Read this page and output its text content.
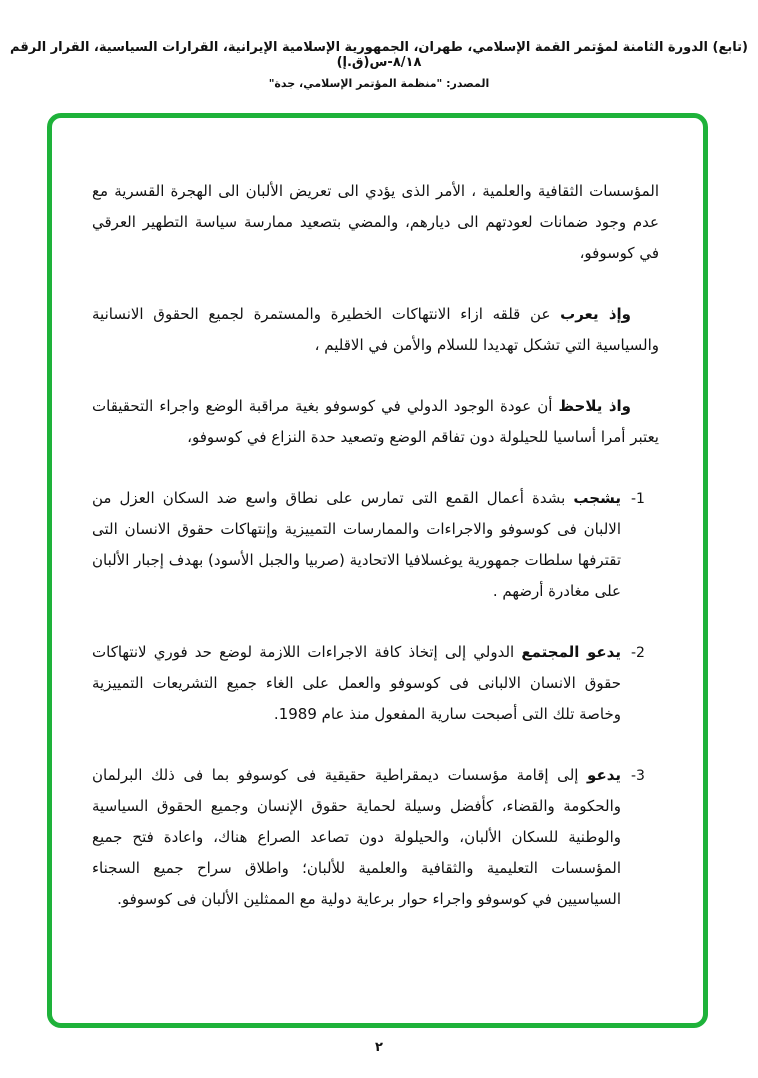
(تابع) الدورة الثامنة لمؤتمر القمة الإسلامي، طهران، الجمهورية الإسلامية الإيرانية، القرارات السياسية، القرار الرقم ٨/١٨-س(ق.إ)
المصدر: "منظمة المؤتمر الإسلامي، جدة"

المؤسسات الثقافية والعلمية ، الأمر الذى يؤدي الى تعريض الألبان الى الهجرة القسرية مع عدم وجود ضمانات لعودتهم الى ديارهم، والمضي بتصعيد ممارسة سياسة التطهير العرقي في كوسوفو،

وإذ يعرب عن قلقه ازاء الانتهاكات الخطيرة والمستمرة لجميع الحقوق الانسانية والسياسية التي تشكل تهديدا للسلام والأمن في الاقليم ،

واذ يلاحظ أن عودة الوجود الدولي في كوسوفو بغية مراقبة الوضع واجراء التحقيقات يعتبر أمرا أساسيا للحيلولة دون تفاقم الوضع وتصعيد حدة النزاع في كوسوفو،

-1
يشجب بشدة أعمال القمع التى تمارس على نطاق واسع ضد السكان العزل من الالبان فى كوسوفو والاجراءات والممارسات التمييزية وإنتهاكات حقوق الانسان التى تقترفها سلطات جمهورية يوغسلافيا الاتحادية (صربيا والجبل الأسود) بهدف إجبار الألبان على مغادرة أرضهم .
-2
يدعو المجتمع الدولي إلى إتخاذ كافة الاجراءات اللازمة لوضع حد فوري لانتهاكات حقوق الانسان الالبانى فى كوسوفو والعمل على الغاء جميع التشريعات التمييزية وخاصة تلك التى أصبحت سارية المفعول منذ عام 1989.
-3
يدعو إلى إقامة مؤسسات ديمقراطية حقيقية فى كوسوفو بما فى ذلك البرلمان والحكومة والقضاء، كأفضل وسيلة لحماية حقوق الإنسان وجميع الحقوق السياسية والوطنية للسكان الألبان، والحيلولة دون تصاعد الصراع هناك، واعادة فتح جميع المؤسسات التعليمية والثقافية والعلمية للألبان؛ واطلاق سراح جميع السجناء السياسيين في كوسوفو واجراء حوار برعاية دولية مع الممثلين الألبان فى كوسوفو.
٢
